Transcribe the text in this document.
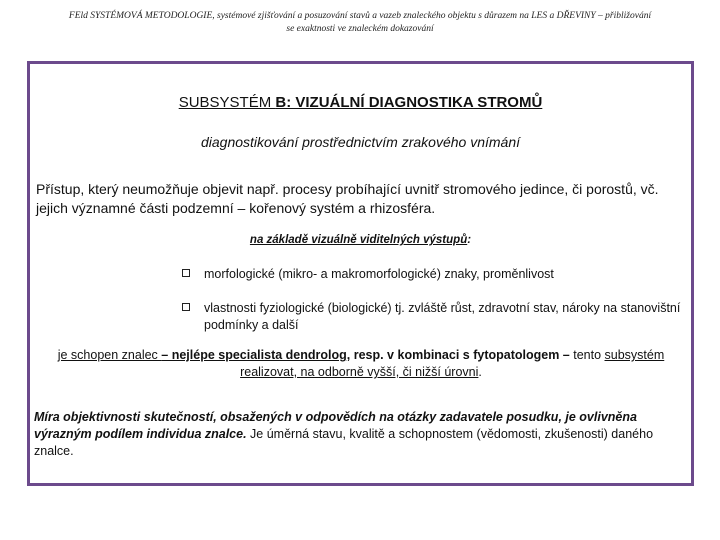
FEld SYSTÉMOVÁ METODOLOGIE, systémové zjišťování a posuzování stavů a vazeb znaleckého objektu s důrazem na LES a DŘEVINY – přibližování
se exaktnosti ve znaleckém dokazování
SUBSYSTÉM B: VIZUÁLNÍ DIAGNOSTIKA STROMŮ
diagnostikování prostřednictvím zrakového vnímání
Přístup, který neumožňuje objevit např. procesy probíhající uvnitř stromového jedince, či porostů, vč. jejich významné části podzemní – kořenový systém a rhizosféra.
na základě vizuálně viditelných výstupů:
morfologické (mikro- a makromorfologické) znaky, proměnlivost
vlastnosti fyziologické (biologické) tj. zvláště růst, zdravotní stav, nároky na stanovištní podmínky a další
je schopen znalec – nejlépe specialista dendrolog, resp. v kombinaci s fytopatologem – tento subsystém realizovat, na odborně vyšší, či nižší úrovni.
Míra objektivnosti skutečností, obsažených v odpovědích na otázky zadavatele posudku, je ovlivněna výrazným podílem individua znalce. Je úměrná stavu, kvalitě a schopnostem (vědomosti, zkušenosti) daného znalce.
